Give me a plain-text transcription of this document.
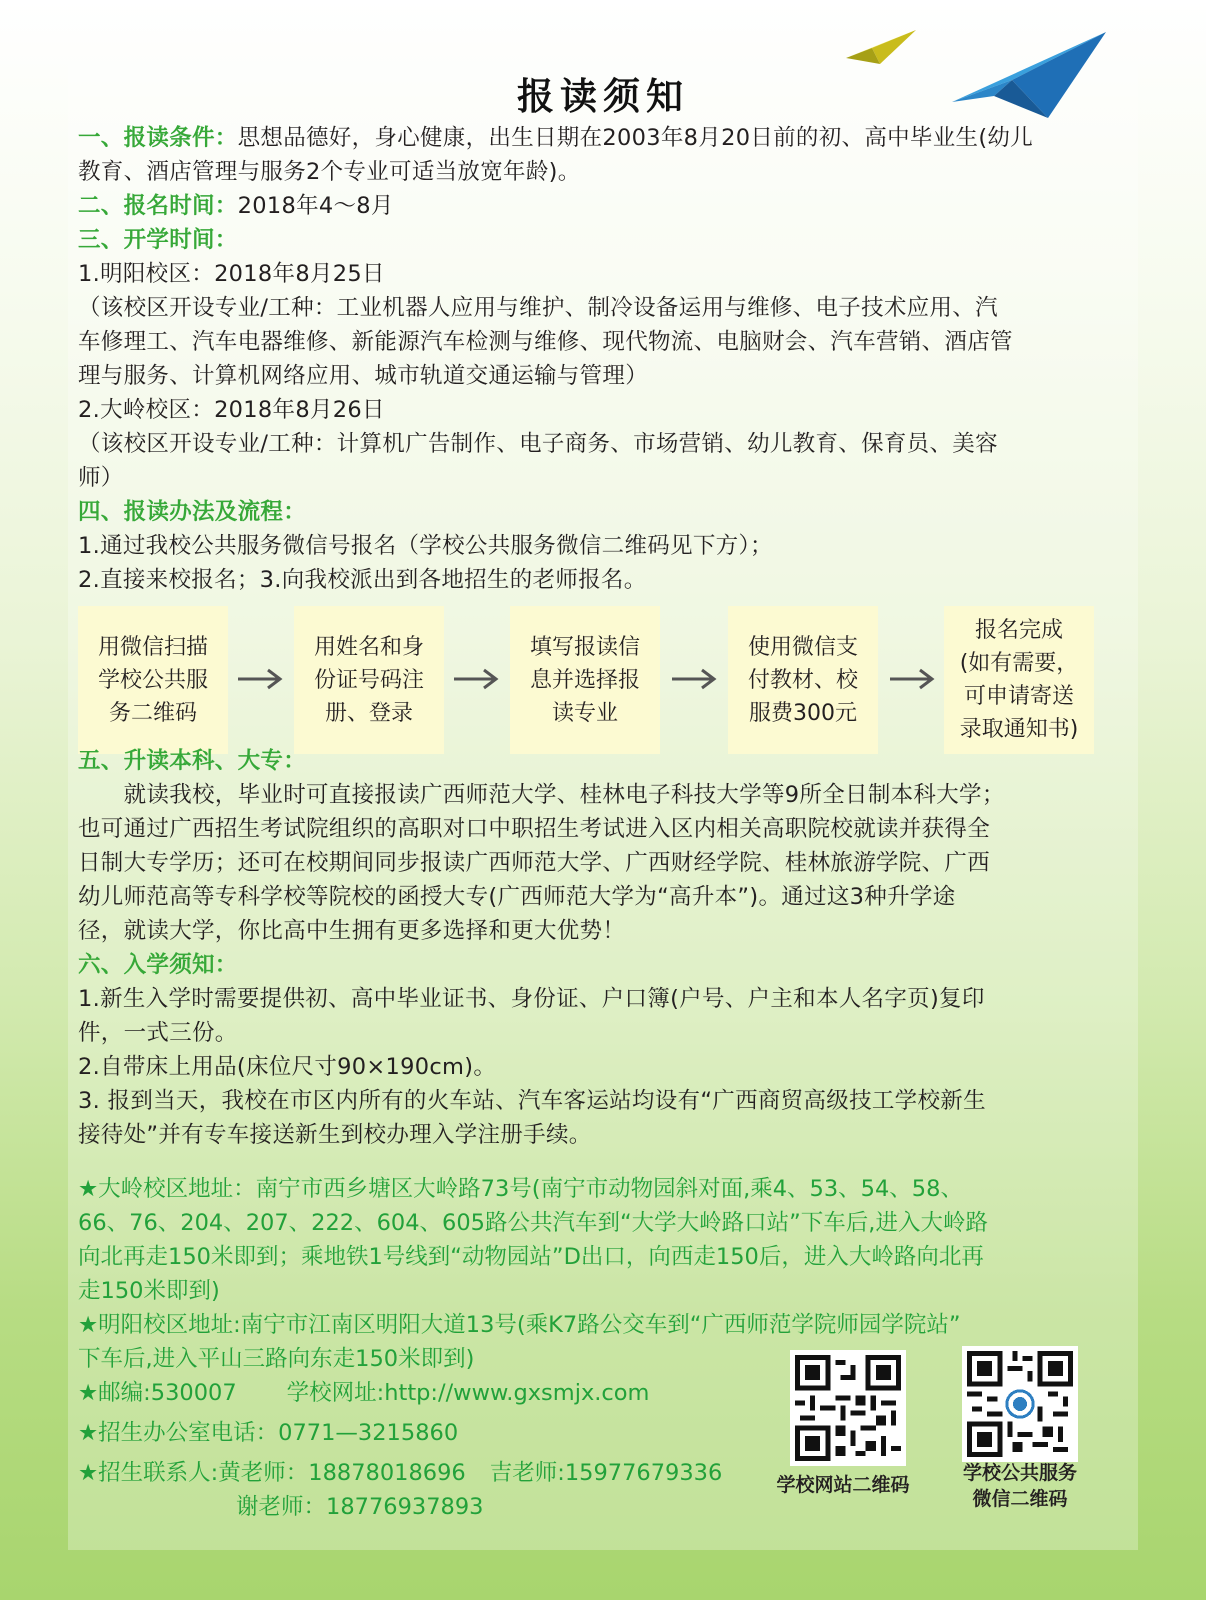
报读须知

一、报读条件：思想品德好，身心健康，出生日期在2003年8月20日前的初、高中毕业生(幼儿

教育、酒店管理与服务2个专业可适当放宽年龄)。

二、报名时间：2018年4～8月

三、开学时间：

1.明阳校区：2018年8月25日

（该校区开设专业/工种：工业机器人应用与维护、制冷设备运用与维修、电子技术应用、汽

车修理工、汽车电器维修、新能源汽车检测与维修、现代物流、电脑财会、汽车营销、酒店管

理与服务、计算机网络应用、城市轨道交通运输与管理）

2.大岭校区：2018年8月26日

（该校区开设专业/工种：计算机广告制作、电子商务、市场营销、幼儿教育、保育员、美容

师）

四、报读办法及流程：

1.通过我校公共服务微信号报名（学校公共服务微信二维码见下方）；

2.直接来校报名；3.向我校派出到各地招生的老师报名。

用微信扫描
学校公共服
务二维码
用姓名和身
份证号码注
册、登录
填写报读信
息并选择报
读专业
使用微信支
付教材、校
服费300元
报名完成
(如有需要，
可申请寄送
录取通知书)

五、升读本科、大专：

　　就读我校，毕业时可直接报读广西师范大学、桂林电子科技大学等9所全日制本科大学；

也可通过广西招生考试院组织的高职对口中职招生考试进入区内相关高职院校就读并获得全

日制大专学历；还可在校期间同步报读广西师范大学、广西财经学院、桂林旅游学院、广西

幼儿师范高等专科学校等院校的函授大专(广西师范大学为“高升本”)。通过这3种升学途

径，就读大学，你比高中生拥有更多选择和更大优势！

六、入学须知：

1.新生入学时需要提供初、高中毕业证书、身份证、户口簿(户号、户主和本人名字页)复印

件，一式三份。

2.自带床上用品(床位尺寸90×190cm)。

3. 报到当天，我校在市区内所有的火车站、汽车客运站均设有“广西商贸高级技工学校新生

接待处”并有专车接送新生到校办理入学注册手续。

★大岭校区地址：南宁市西乡塘区大岭路73号(南宁市动物园斜对面,乘4、53、54、58、

66、76、204、207、222、604、605路公共汽车到“大学大岭路口站”下车后,进入大岭路

向北再走150米即到；乘地铁1号线到“动物园站”D出口，向西走150后，进入大岭路向北再

走150米即到)

★明阳校区地址:南宁市江南区明阳大道13号(乘K7路公交车到“广西师范学院师园学院站”

下车后,进入平山三路向东走150米即到)

★邮编:530007 学校网址:http://www.gxsmjx.com

★招生办公室电话：0771—3215860

★招生联系人:黄老师：18878018696 吉老师:15977679336

谢老师：18776937893

学校网站二维码
学校公共服务
微信二维码
